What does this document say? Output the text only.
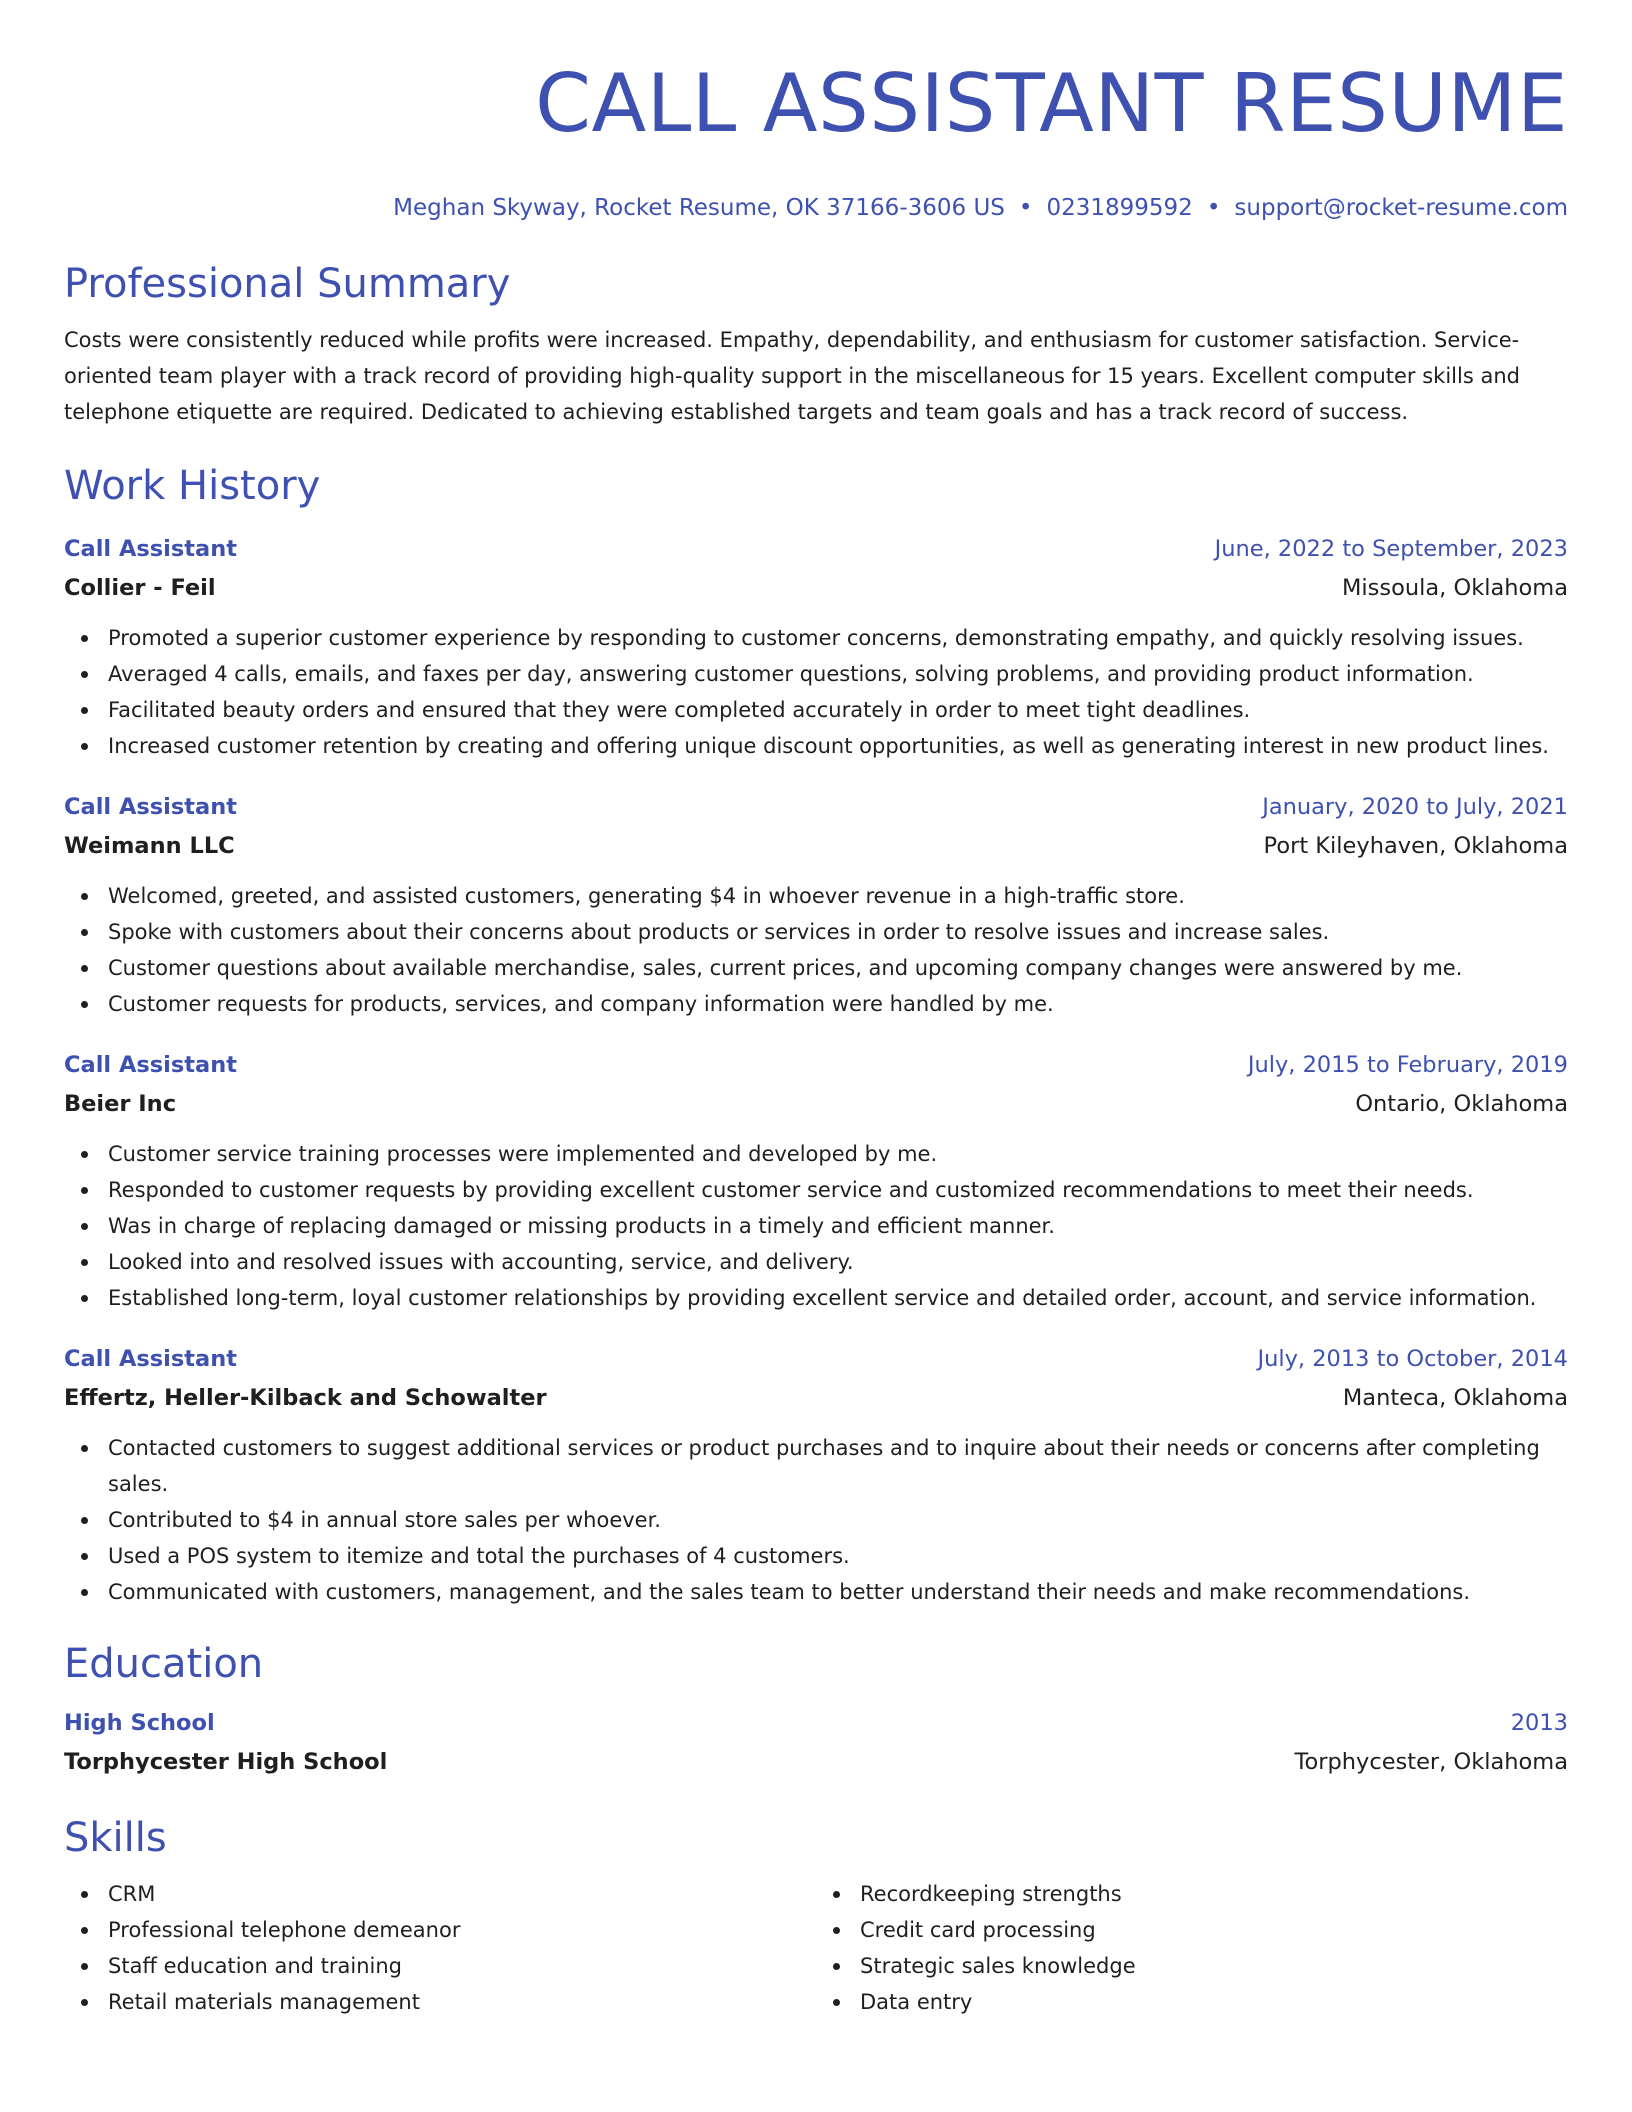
CALL ASSISTANT RESUME
Meghan Skyway, Rocket Resume, OK 37166-3606 US • 0231899592 • support@rocket-resume.com
Professional Summary

Costs were consistently reduced while profits were increased. Empathy, dependability, and enthusiasm for customer satisfaction. Service-oriented team player with a track record of providing high-quality support in the miscellaneous for 15 years. Excellent computer skills and telephone etiquette are required. Dedicated to achieving established targets and team goals and has a track record of success.

Work History
Call Assistant	June, 2022 to September, 2023
Collier - Feil	Missoula, Oklahoma
Promoted a superior customer experience by responding to customer concerns, demonstrating empathy, and quickly resolving issues.
Averaged 4 calls, emails, and faxes per day, answering customer questions, solving problems, and providing product information.
Facilitated beauty orders and ensured that they were completed accurately in order to meet tight deadlines.
Increased customer retention by creating and offering unique discount opportunities, as well as generating interest in new product lines.
Call Assistant	January, 2020 to July, 2021
Weimann LLC	Port Kileyhaven, Oklahoma
Welcomed, greeted, and assisted customers, generating $4 in whoever revenue in a high-traffic store.
Spoke with customers about their concerns about products or services in order to resolve issues and increase sales.
Customer questions about available merchandise, sales, current prices, and upcoming company changes were answered by me.
Customer requests for products, services, and company information were handled by me.
Call Assistant	July, 2015 to February, 2019
Beier Inc	Ontario, Oklahoma
Customer service training processes were implemented and developed by me.
Responded to customer requests by providing excellent customer service and customized recommendations to meet their needs.
Was in charge of replacing damaged or missing products in a timely and efficient manner.
Looked into and resolved issues with accounting, service, and delivery.
Established long-term, loyal customer relationships by providing excellent service and detailed order, account, and service information.
Call Assistant	July, 2013 to October, 2014
Effertz, Heller-Kilback and Schowalter	Manteca, Oklahoma
Contacted customers to suggest additional services or product purchases and to inquire about their needs or concerns after completing sales.
Contributed to $4 in annual store sales per whoever.
Used a POS system to itemize and total the purchases of 4 customers.
Communicated with customers, management, and the sales team to better understand their needs and make recommendations.
Education
High School	2013
Torphycester High School	Torphycester, Oklahoma
Skills
CRM
Professional telephone demeanor
Staff education and training
Retail materials management
Recordkeeping strengths
Credit card processing
Strategic sales knowledge
Data entry
